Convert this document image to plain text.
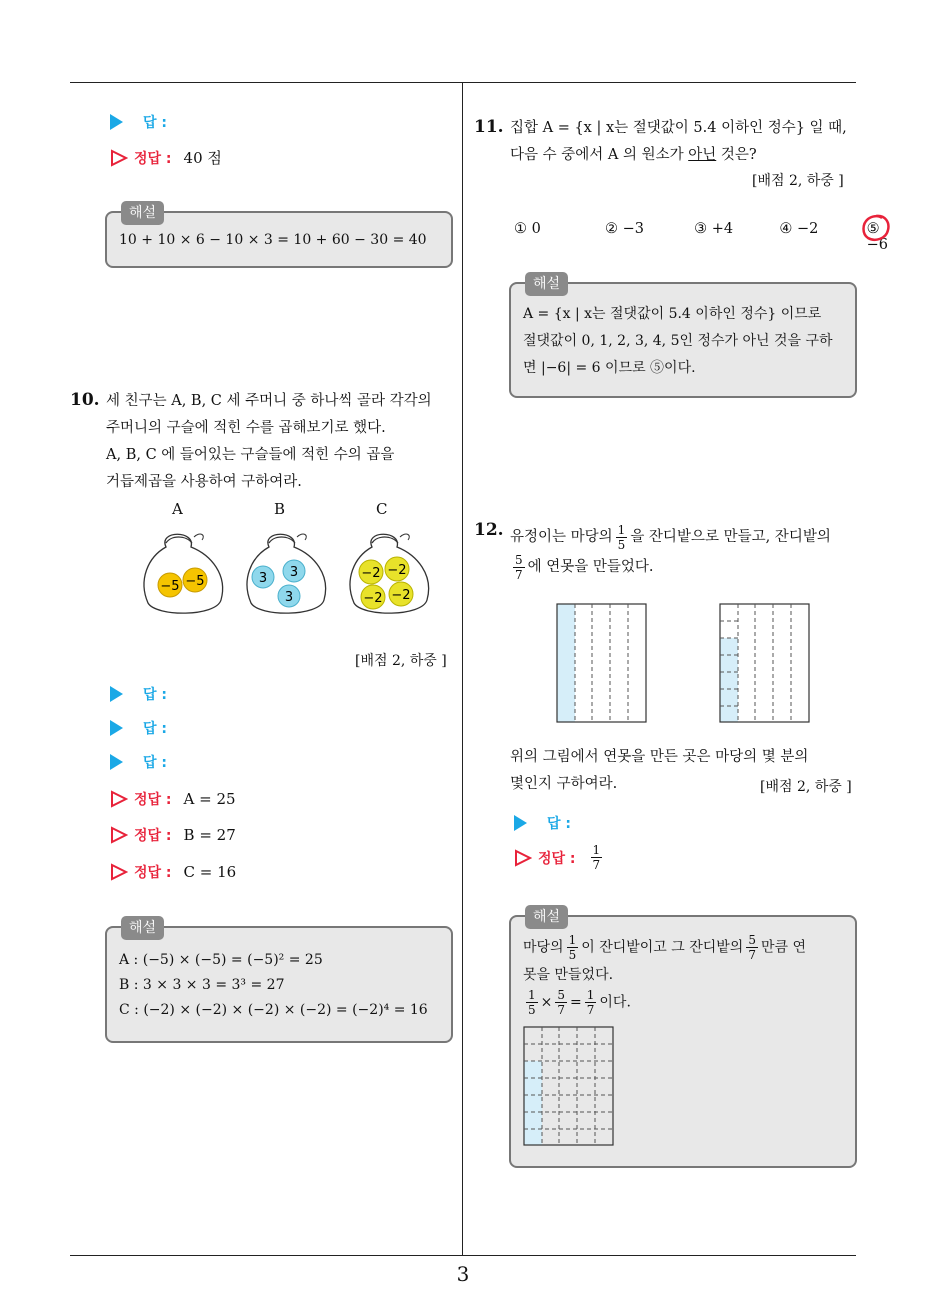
답 :
정답 : 40 점
해설
10 + 10 × 6 − 10 × 3 = 10 + 60 − 30 = 40
10. 세 친구는 A, B, C 세 주머니 중 하나씩 골라 각각의
주머니의 구슬에 적힌 수를 곱해보기로 했다.
A, B, C 에 들어있는 구슬들에 적힌 수의 곱을
거듭제곱을 사용하여 구하여라.
A	B	C
−5 −5	3 3
3
−2 −2
−2 −2
[배점 2, 하중 ]
답 :
답 :
답 :
정답 : A = 25
정답 : B = 27
정답 : C = 16
해설
A : (−5) × (−5) = (−5)² = 25
B : 3 × 3 × 3 = 3³ = 27
C : (−2) × (−2) × (−2) × (−2) = (−2)⁴ = 16
11. 집합 A = {x | x는 절댓값이 5.4 이하인 정수} 일 때,
다음 수 중에서 A 의 원소가 아닌 것은?
[배점 2, 하중 ]
① 0	② −3	③ +4	④ −2	⑤ −6
해설
A = {x | x는 절댓값이 5.4 이하인 정수} 이므로
절댓값이 0, 1, 2, 3, 4, 5인 정수가 아닌 것을 구하
면 |−6| = 6 이므로 ⑤이다.
12. 유정이는 마당의 $\frac{1}{5}$ 을 잔디밭으로 만들고, 잔디밭의
$\frac{5}{7}$ 에 연못을 만들었다.
위의 그림에서 연못을 만든 곳은 마당의 몇 분의
몇인지 구하여라.	[배점 2, 하중 ]
답 :
정답 : $\frac{1}{7}$
해설
마당의 $\frac{1}{5}$ 이 잔디밭이고 그 잔디밭의 $\frac{5}{7}$ 만큼 연
못을 만들었다.
$\frac{1}{5} \times \frac{5}{7} = \frac{1}{7}$ 이다.
3
